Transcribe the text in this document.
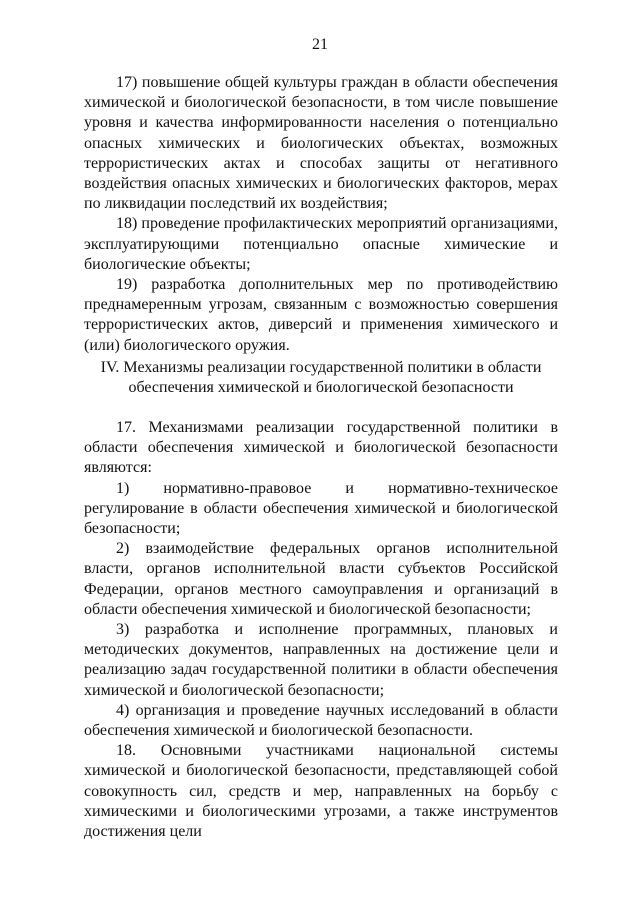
21

17) повышение общей культуры граждан в области обеспечения химической и биологической безопасности, в том числе повышение уровня и качества информированности населения о потенциально опасных химических и биологических объектах, возможных террористических актах и способах защиты от негативного воздействия опасных химических и биологических факторов, мерах по ликвидации последствий их воздействия;

18) проведение профилактических мероприятий организациями, эксплуатирующими потенциально опасные химические и биологические объекты;

19) разработка дополнительных мер по противодействию преднамеренным угрозам, связанным с возможностью совершения террористических актов, диверсий и применения химического и (или) биологического оружия.

IV. Механизмы реализации государственной политики в области
обеспечения химической и биологической безопасности

17. Механизмами реализации государственной политики в области обеспечения химической и биологической безопасности являются:

1) нормативно-правовое и нормативно-техническое регулирование в области обеспечения химической и биологической безопасности;

2) взаимодействие федеральных органов исполнительной власти, органов исполнительной власти субъектов Российской Федерации, органов местного самоуправления и организаций в области обеспечения химической и биологической безопасности;

3) разработка и исполнение программных, плановых и методических документов, направленных на достижение цели и реализацию задач государственной политики в области обеспечения химической и биологической безопасности;

4) организация и проведение научных исследований в области обеспечения химической и биологической безопасности.

18. Основными участниками национальной системы химической и биологической безопасности, представляющей собой совокупность сил, средств и мер, направленных на борьбу с химическими и биологическими угрозами, а также инструментов достижения цели
